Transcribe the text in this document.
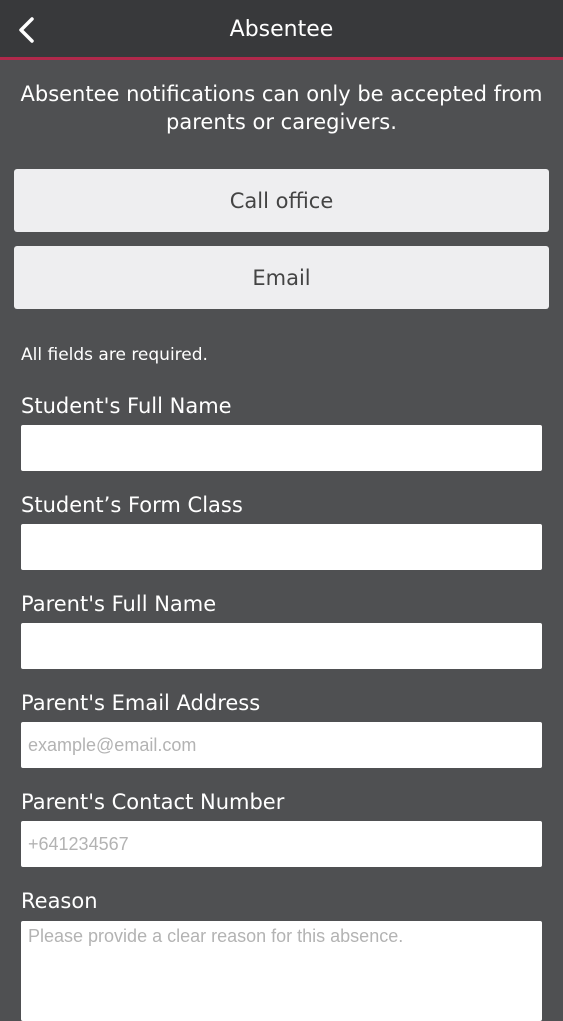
Absentee
Absentee notifications can only be accepted from parents or caregivers.
Call office
Email
All fields are required.
Student's Full Name
Student’s Form Class
Parent's Full Name
Parent's Email Address
example@email.com
Parent's Contact Number
+641234567
Reason
Please provide a clear reason for this absence.
